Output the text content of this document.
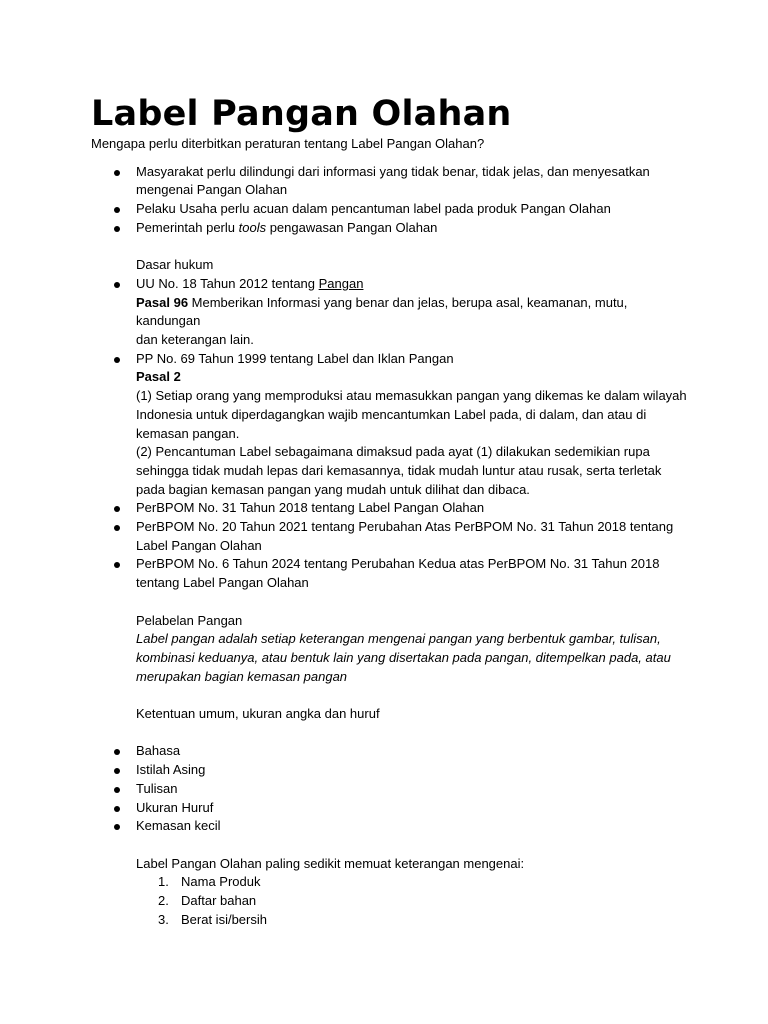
Label Pangan Olahan
Mengapa perlu diterbitkan peraturan tentang Label Pangan Olahan?
Masyarakat perlu dilindungi dari informasi yang tidak benar, tidak jelas, dan menyesatkan
mengenai Pangan Olahan
Pelaku Usaha perlu acuan dalam pencantuman label pada produk Pangan Olahan
Pemerintah perlu tools pengawasan Pangan Olahan
Dasar hukum
UU No. 18 Tahun 2012 tentang Pangan
Pasal 96 Memberikan Informasi yang benar dan jelas, berupa asal, keamanan, mutu, kandungan
dan keterangan lain.
PP No. 69 Tahun 1999 tentang Label dan Iklan Pangan
Pasal 2
(1) Setiap orang yang memproduksi atau memasukkan pangan yang dikemas ke dalam wilayah
Indonesia untuk diperdagangkan wajib mencantumkan Label pada, di dalam, dan atau di
kemasan pangan.
(2) Pencantuman Label sebagaimana dimaksud pada ayat (1) dilakukan sedemikian rupa
sehingga tidak mudah lepas dari kemasannya, tidak mudah luntur atau rusak, serta terletak
pada bagian kemasan pangan yang mudah untuk dilihat dan dibaca.
PerBPOM No. 31 Tahun 2018 tentang Label Pangan Olahan
PerBPOM No. 20 Tahun 2021 tentang Perubahan Atas PerBPOM No. 31 Tahun 2018 tentang
Label Pangan Olahan
PerBPOM No. 6 Tahun 2024 tentang Perubahan Kedua atas PerBPOM No. 31 Tahun 2018
tentang Label Pangan Olahan
Pelabelan Pangan
Label pangan adalah setiap keterangan mengenai pangan yang berbentuk gambar, tulisan,
kombinasi keduanya, atau bentuk lain yang disertakan pada pangan, ditempelkan pada, atau
merupakan bagian kemasan pangan
Ketentuan umum, ukuran angka dan huruf
Bahasa
Istilah Asing
Tulisan
Ukuran Huruf
Kemasan kecil
Label Pangan Olahan paling sedikit memuat keterangan mengenai:
1. Nama Produk
2. Daftar bahan
3. Berat isi/bersih
